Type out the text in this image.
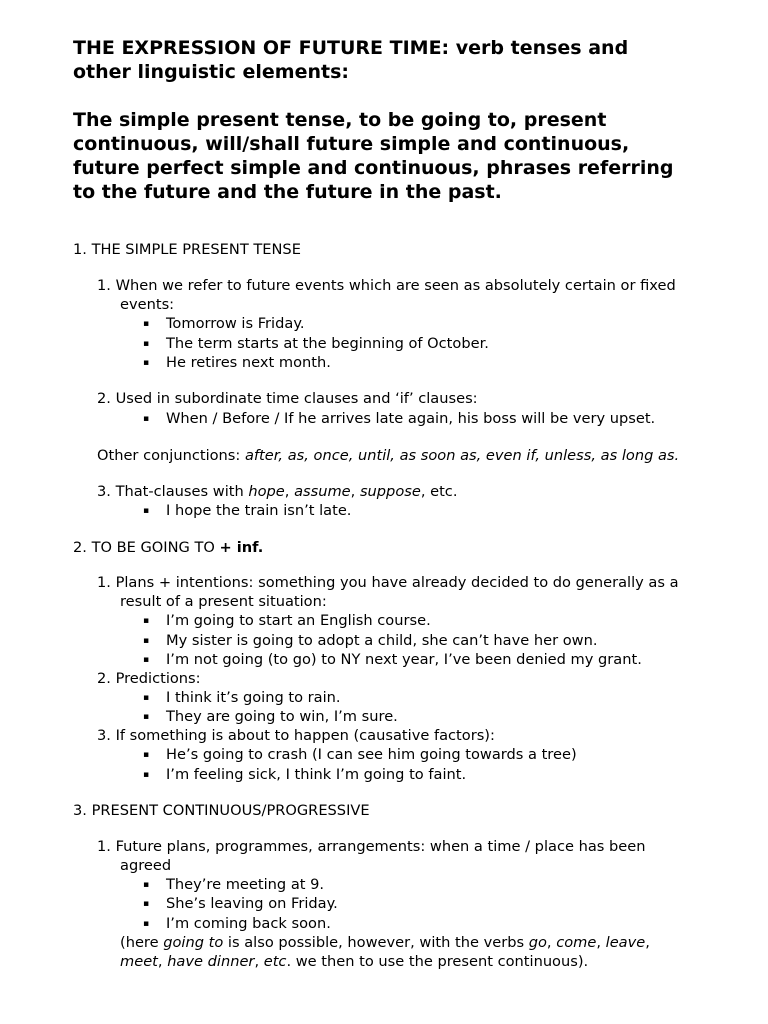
THE EXPRESSION OF FUTURE TIME: verb tenses and
other linguistic elements:
The simple present tense, to be going to, present
continuous, will/shall future simple and continuous,
future perfect simple and continuous, phrases referring
to the future and the future in the past.

1. THE SIMPLE PRESENT TENSE

1. When we refer to future events which are seen as absolutely certain or fixed

events:

▪ Tomorrow is Friday.

▪ The term starts at the beginning of October.

▪ He retires next month.

2. Used in subordinate time clauses and ‘if’ clauses:

▪ When / Before / If he arrives late again, his boss will be very upset.

Other conjunctions: after, as, once, until, as soon as, even if, unless, as long as.

3. That-clauses with hope, assume, suppose, etc.

▪ I hope the train isn’t late.

2. TO BE GOING TO + inf.

1. Plans + intentions: something you have already decided to do generally as a

result of a present situation:

▪ I’m going to start an English course.

▪ My sister is going to adopt a child, she can’t have her own.

▪ I’m not going (to go) to NY next year, I’ve been denied my grant.

2. Predictions:

▪ I think it’s going to rain.

▪ They are going to win, I’m sure.

3. If something is about to happen (causative factors):

▪ He’s going to crash (I can see him going towards a tree)

▪ I’m feeling sick, I think I’m going to faint.

3. PRESENT CONTINUOUS/PROGRESSIVE

1. Future plans, programmes, arrangements: when a time / place has been

agreed

▪ They’re meeting at 9.

▪ She’s leaving on Friday.

▪ I’m coming back soon.

(here going to is also possible, however, with the verbs go, come, leave,

meet, have dinner, etc. we then to use the present continuous).
